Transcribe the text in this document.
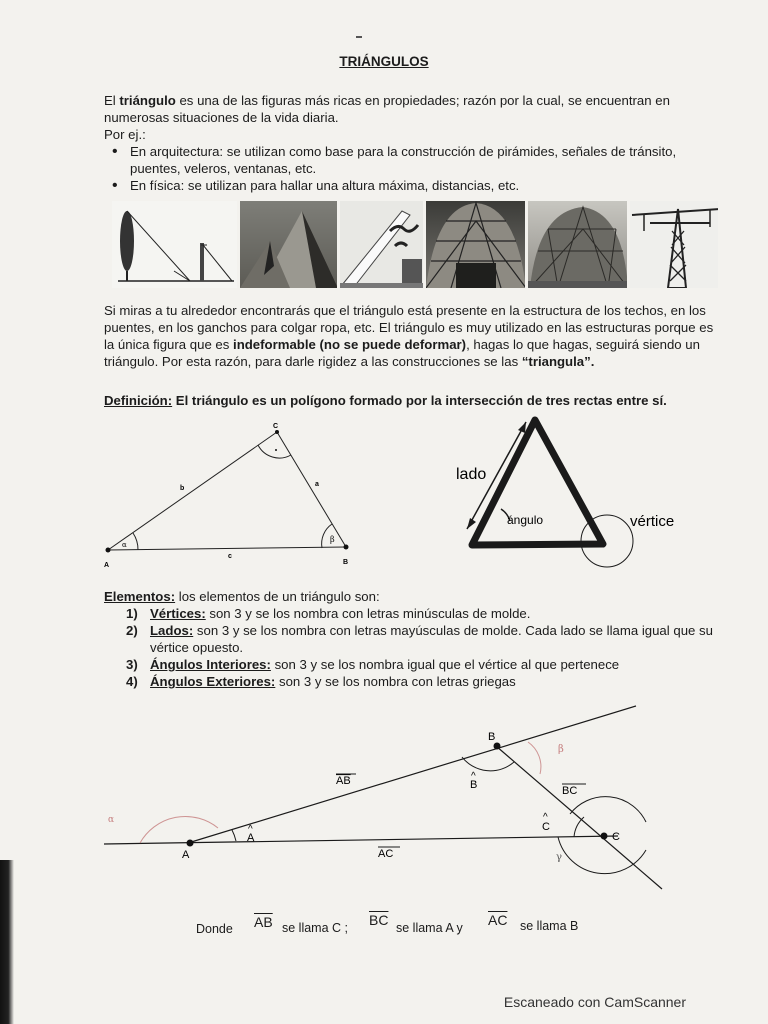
TRIÁNGULOS
El triángulo es una de las figuras más ricas en propiedades; razón por la cual, se encuentran en numerosas situaciones de la vida diaria.
Por ej.:
• En arquitectura: se utilizan como base para la construcción de pirámides, señales de tránsito, puentes, veleros, ventanas, etc.
• En física: se utilizan para hallar una altura máxima, distancias, etc.
Si miras a tu alrededor encontrarás que el triángulo está presente en la estructura de los techos, en los puentes, en los ganchos para colgar ropa, etc. El triángulo es muy utilizado en las estructuras porque es la única figura que es indeformable (no se puede deformar), hagas lo que hagas, seguirá siendo un triángulo. Por esta razón, para darle rigidez a las construcciones se las “triangula”.
Definición: El triángulo es un polígono formado por la intersección de tres rectas entre sí.
A	B
C
a
b
c
α
β
lado
ángulo	vértice
Elementos: los elementos de un triángulo son:
1) Vértices: son 3 y se los nombra con letras minúsculas de molde.
2) Lados: son 3 y se los nombra con letras mayúsculas de molde. Cada lado se llama igual que su vértice opuesto.
3) Ángulos Interiores: son 3 y se los nombra igual que el vértice al que pertenece
4) Ángulos Exteriores: son 3 y se los nombra con letras griegas
A
B
C
AB
BC
AC
^
A
^
B
^
C
β
γ
α
Donde $\overline{AB}$ se llama C ; $\overline{BC}$ se llama A y $\overline{AC}$ se llama B
Escaneado con CamScanner
